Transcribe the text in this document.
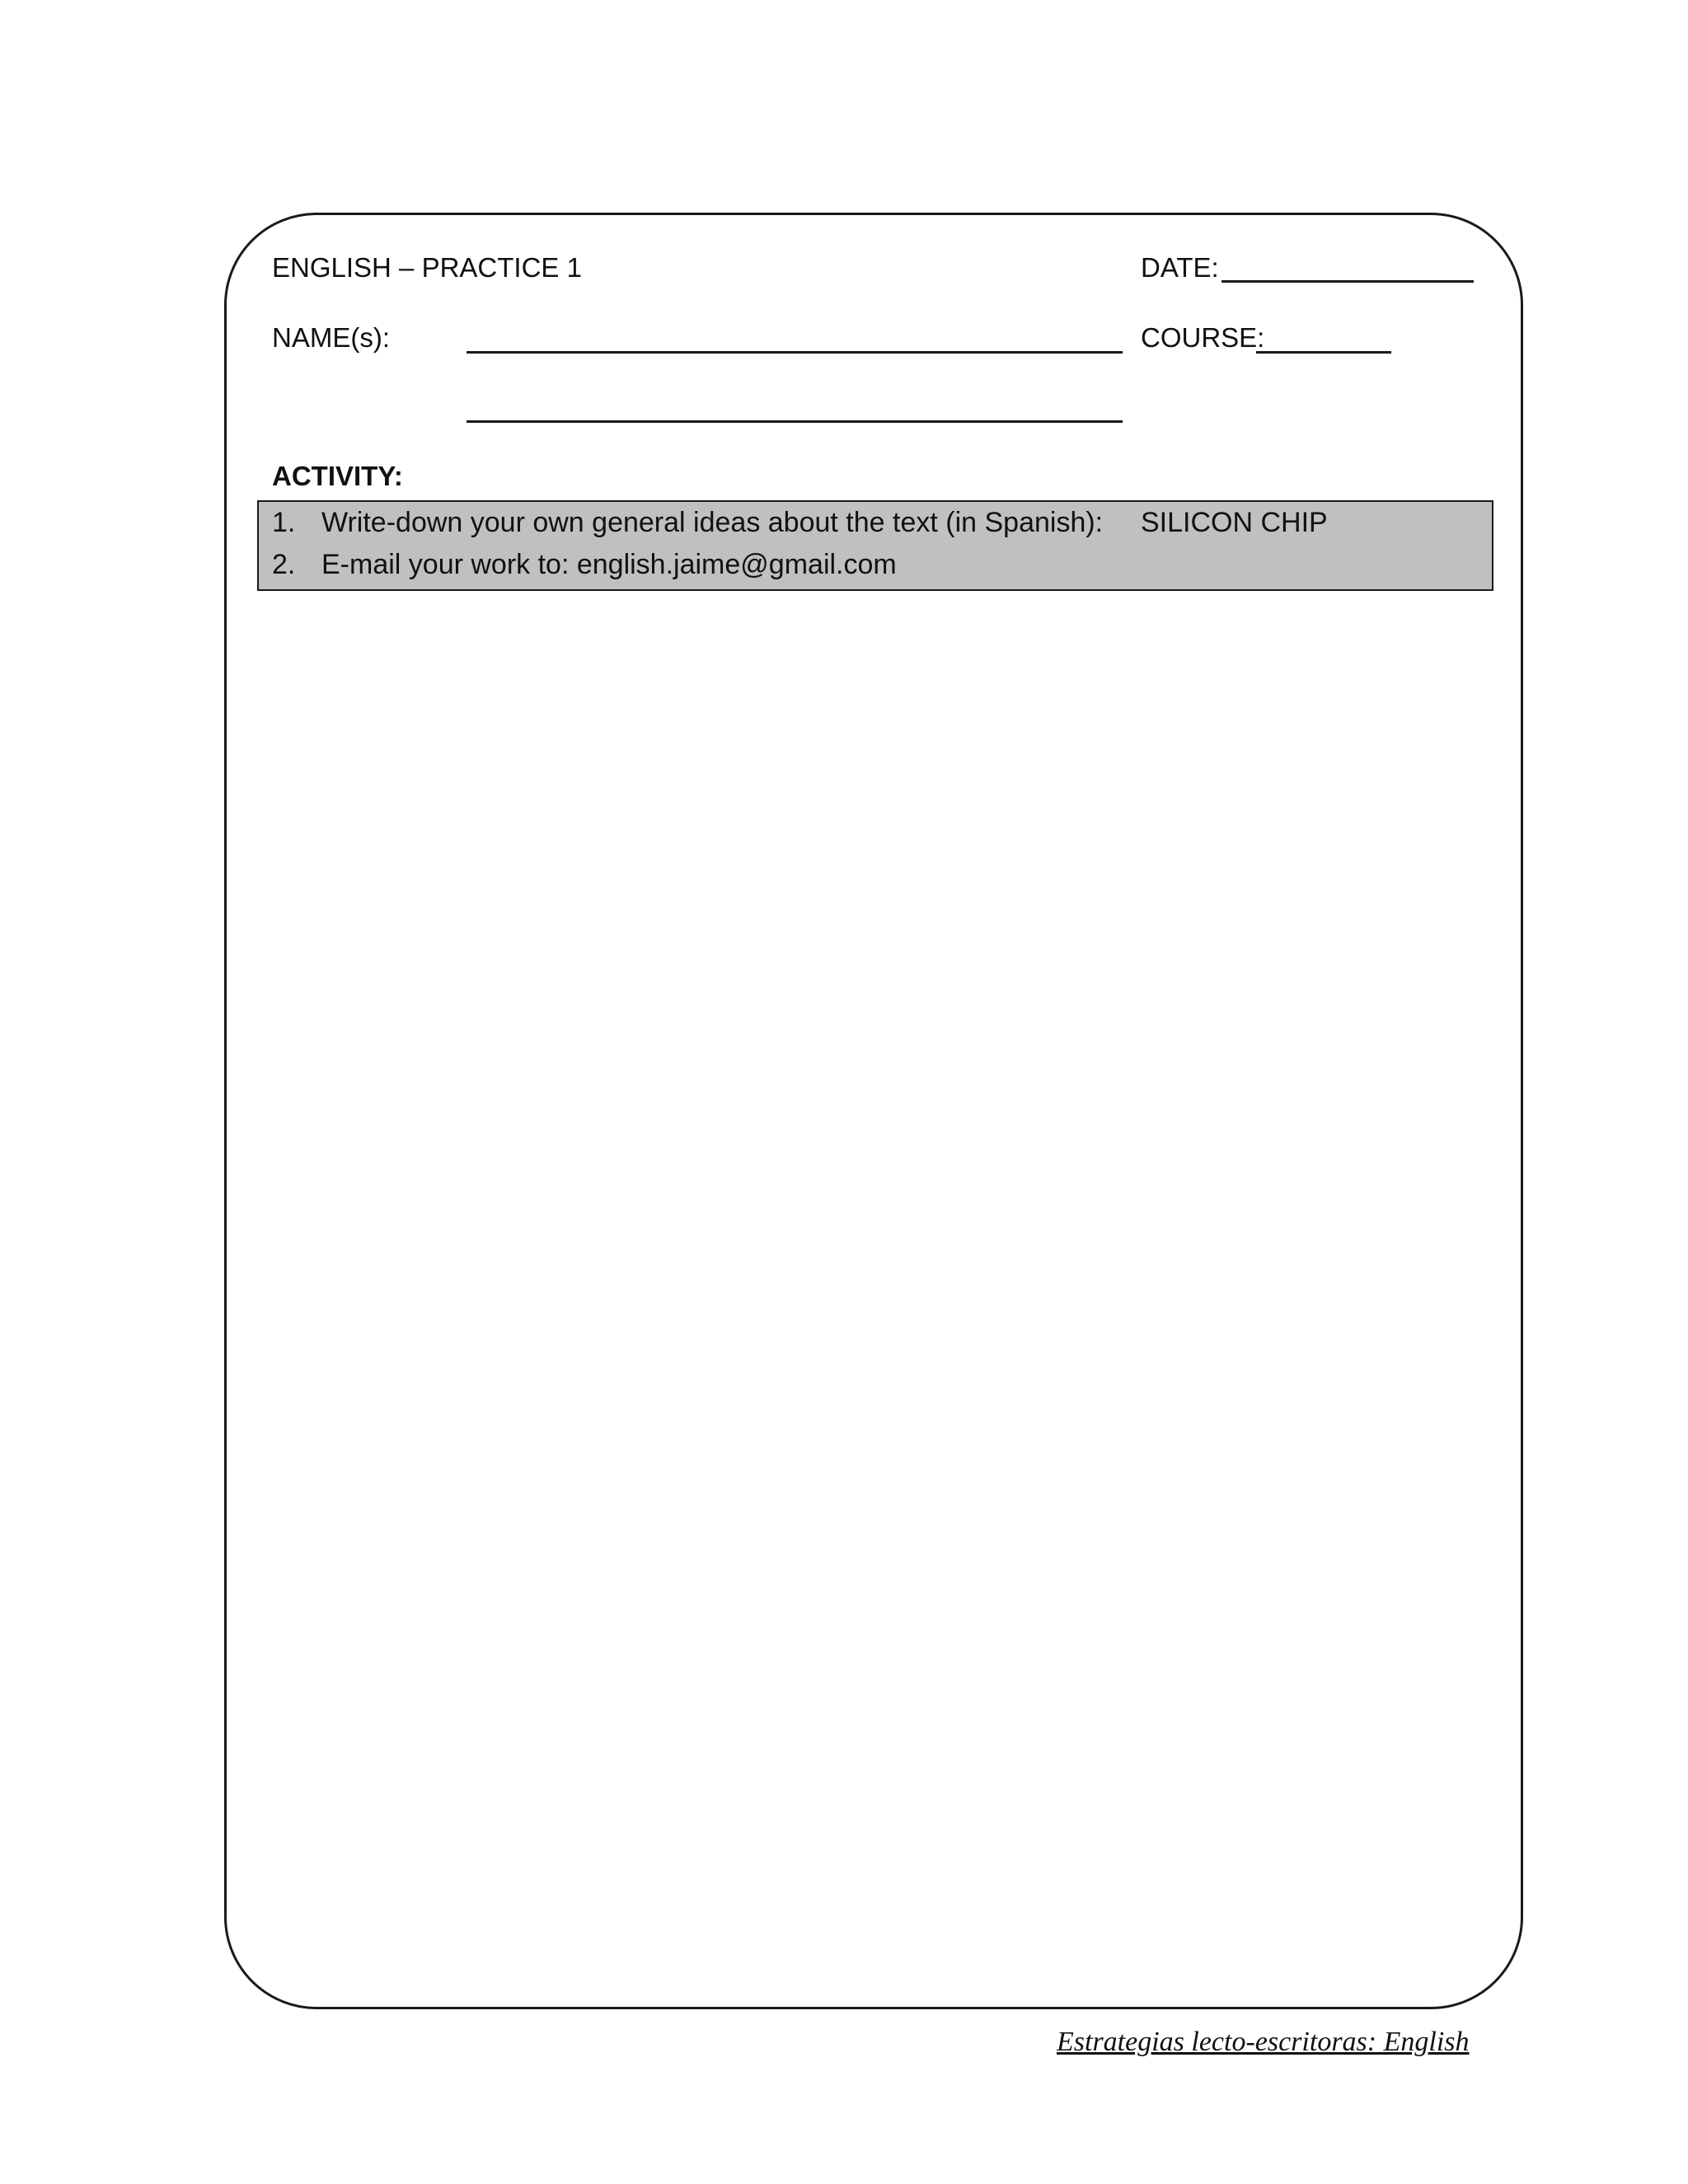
ENGLISH – PRACTICE 1	DATE:
NAME(s):	COURSE:
ACTIVITY:
1. Write-down your own general ideas about the text (in Spanish): SILICON CHIP
2. E-mail your work to: english.jaime@gmail.com
Estrategias lecto-escritoras: English
